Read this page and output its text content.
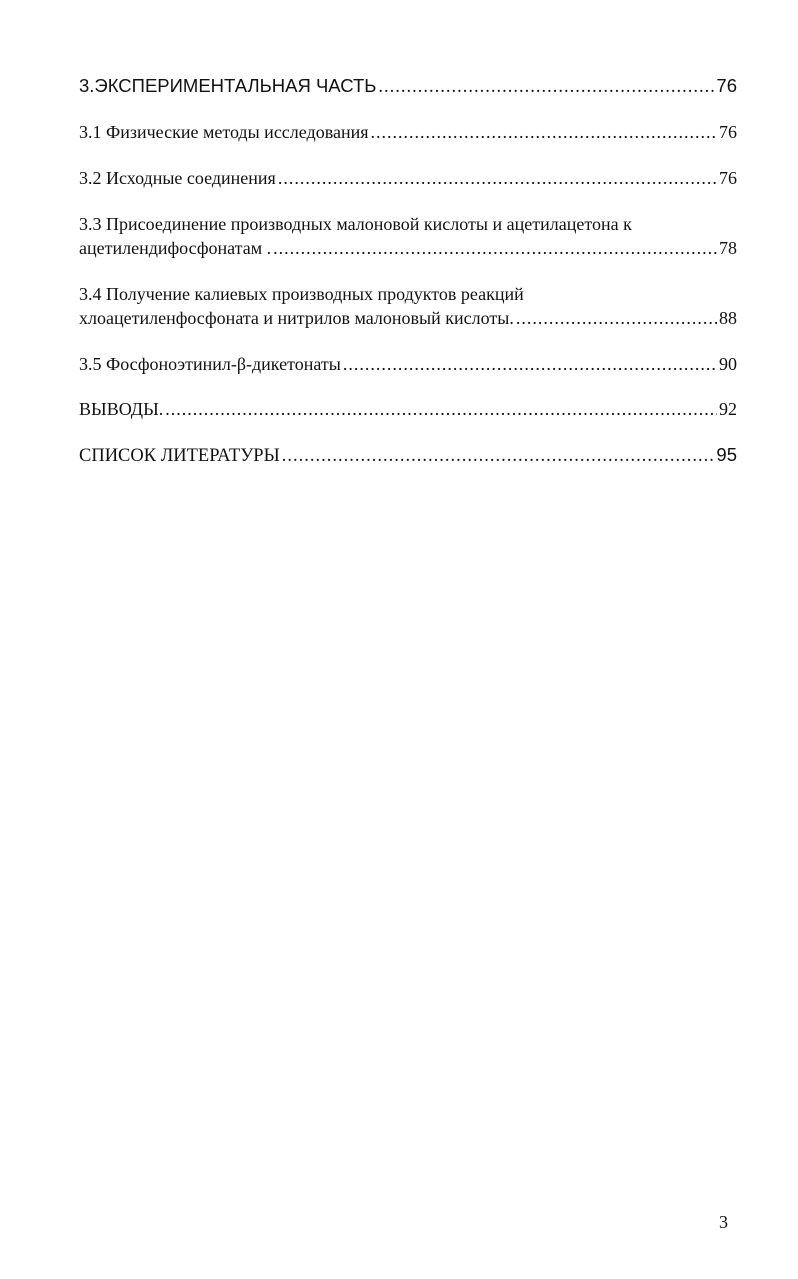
3.ЭКСПЕРИМЕНТАЛЬНАЯ ЧАСТЬ .....	76
3.1 Физические методы исследования .....	76
3.2 Исходные соединения .....	76
3.3 Присоединение производных малоновой кислоты и ацетилацетона к
ацетилендифосфонатам . .....	78
3.4 Получение калиевых производных продуктов реакций
хлоацетиленфосфоната и нитрилов малоновый кислоты. .....	88
3.5 Фосфоноэтинил-β-дикетонаты .....	90
ВЫВОДЫ. .....	92
СПИСОК ЛИТЕРАТУРЫ .....	95
3
